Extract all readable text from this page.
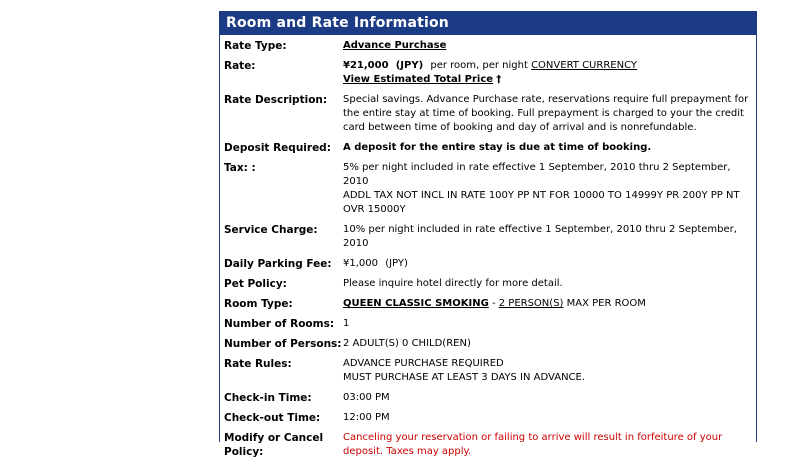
Room and Rate Information
Rate Type:	Advance Purchase
Rate:	¥21,000 (JPY) per room, per night CONVERT CURRENCY
View Estimated Total Price †
Rate Description:	Special savings. Advance Purchase rate, reservations require full prepayment for the entire stay at time of booking. Full prepayment is charged to your the credit card between time of booking and day of arrival and is nonrefundable.
Deposit Required:	A deposit for the entire stay is due at time of booking.
Tax: :	5% per night included in rate effective 1 September, 2010 thru 2 September, 2010
ADDL TAX NOT INCL IN RATE 100Y PP NT FOR 10000 TO 14999Y PR 200Y PP NT OVR 15000Y

Service Charge:	10% per night included in rate effective 1 September, 2010 thru 2 September, 2010
Daily Parking Fee:	¥1,000 (JPY)
Pet Policy:	Please inquire hotel directly for more detail.
Room Type:	QUEEN CLASSIC SMOKING - 2 PERSON(S) MAX PER ROOM
Number of Rooms:	1
Number of Persons:	2 ADULT(S) 0 CHILD(REN)
Rate Rules:	ADVANCE PURCHASE REQUIRED
MUST PURCHASE AT LEAST 3 DAYS IN ADVANCE.

Check-in Time:	03:00 PM
Check-out Time:	12:00 PM
Modify or Cancel Policy:	Canceling your reservation or failing to arrive will result in forfeiture of your deposit. Taxes may apply.
